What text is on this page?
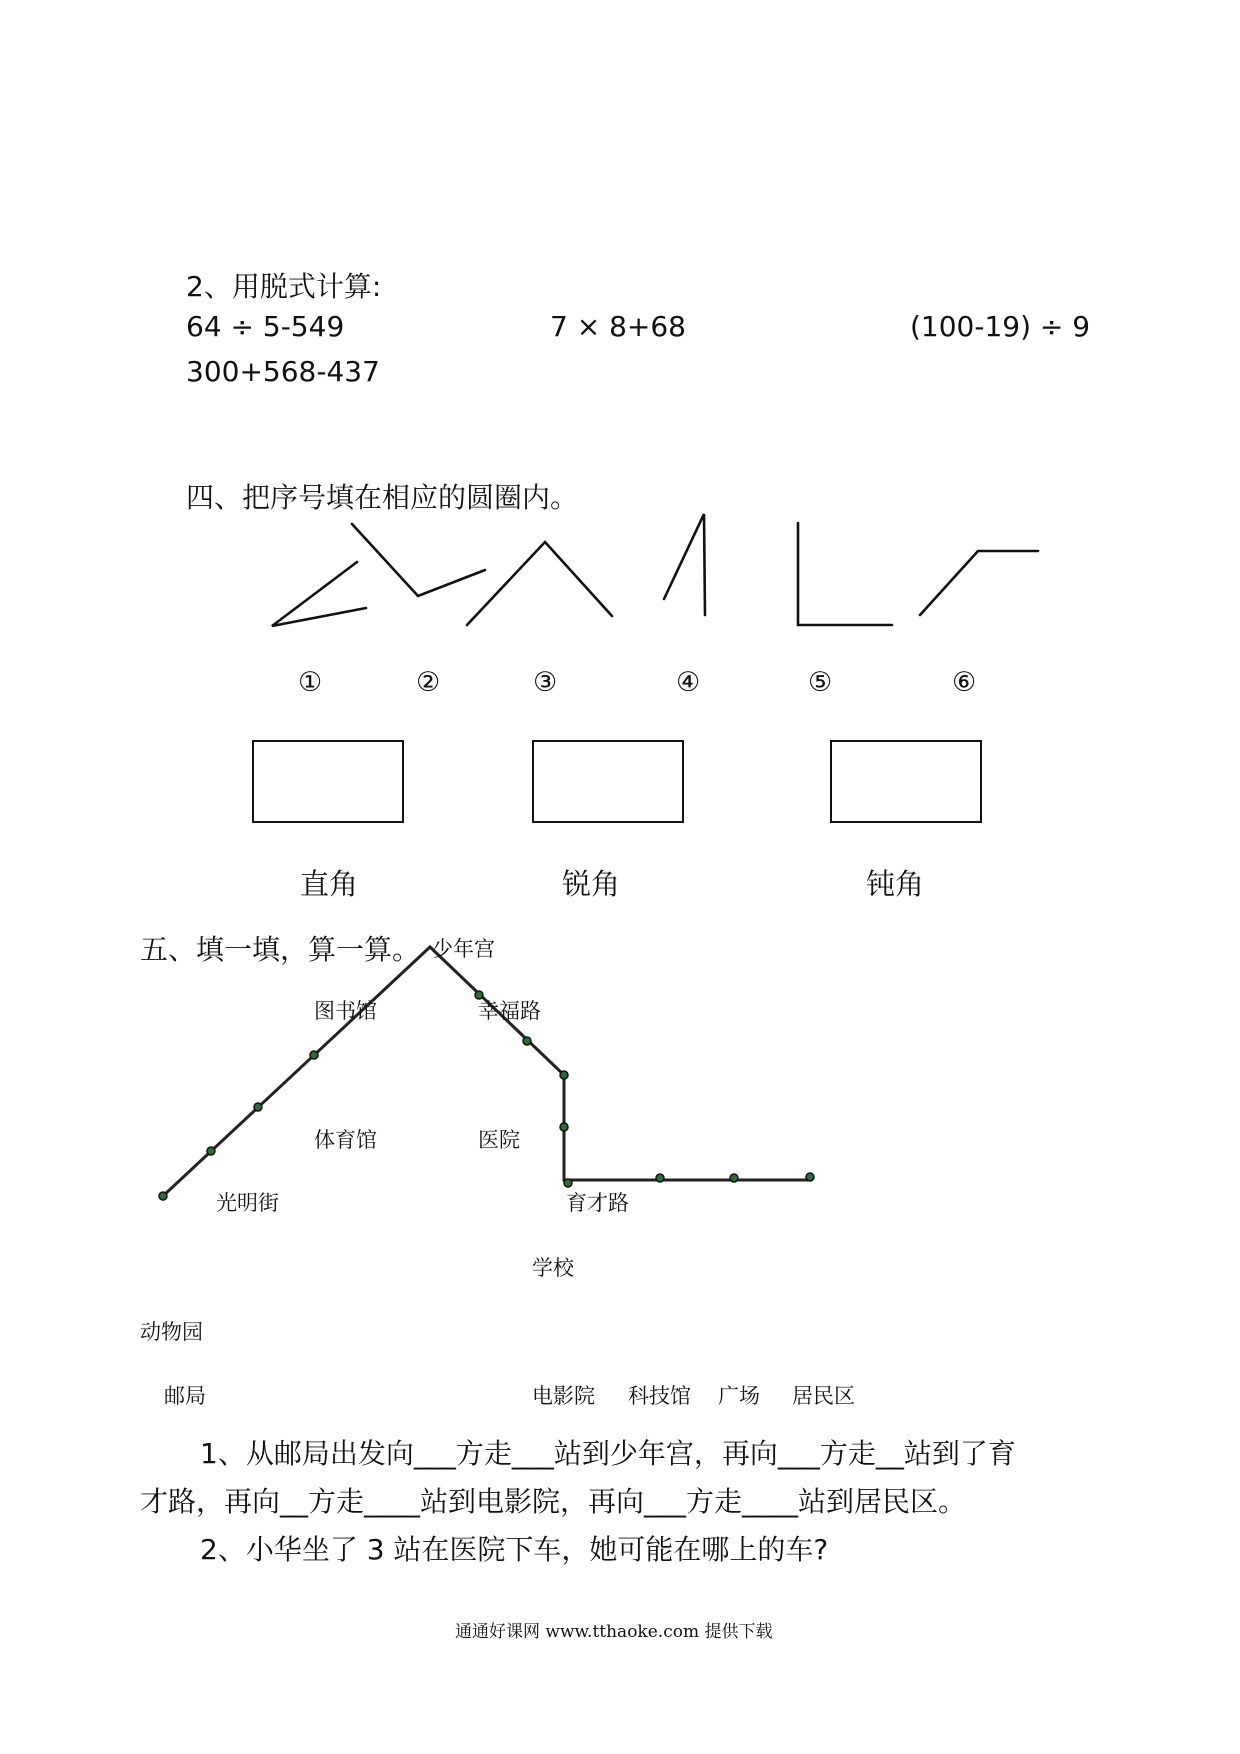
2、用脱式计算:
64 ÷ 5-549	7 × 8+68	(100-19) ÷ 9
300+568-437
四、把序号填在相应的圆圈内。
①	②	③	④	⑤	⑥
直角	锐角	钝角
五、填一填，算一算。 少年宫
图书馆	幸福路
体育馆	医院
光明街	育才路
学校
动物园
邮局	电影院 科技馆 广场 居民区
1、从邮局出发向___方走___站到少年宫，再向___方走__站到了育
才路，再向__方走____站到电影院，再向___方走____站到居民区。
2、小华坐了 3 站在医院下车，她可能在哪上的车?
通通好课网 www.tthaoke.com 提供下载
